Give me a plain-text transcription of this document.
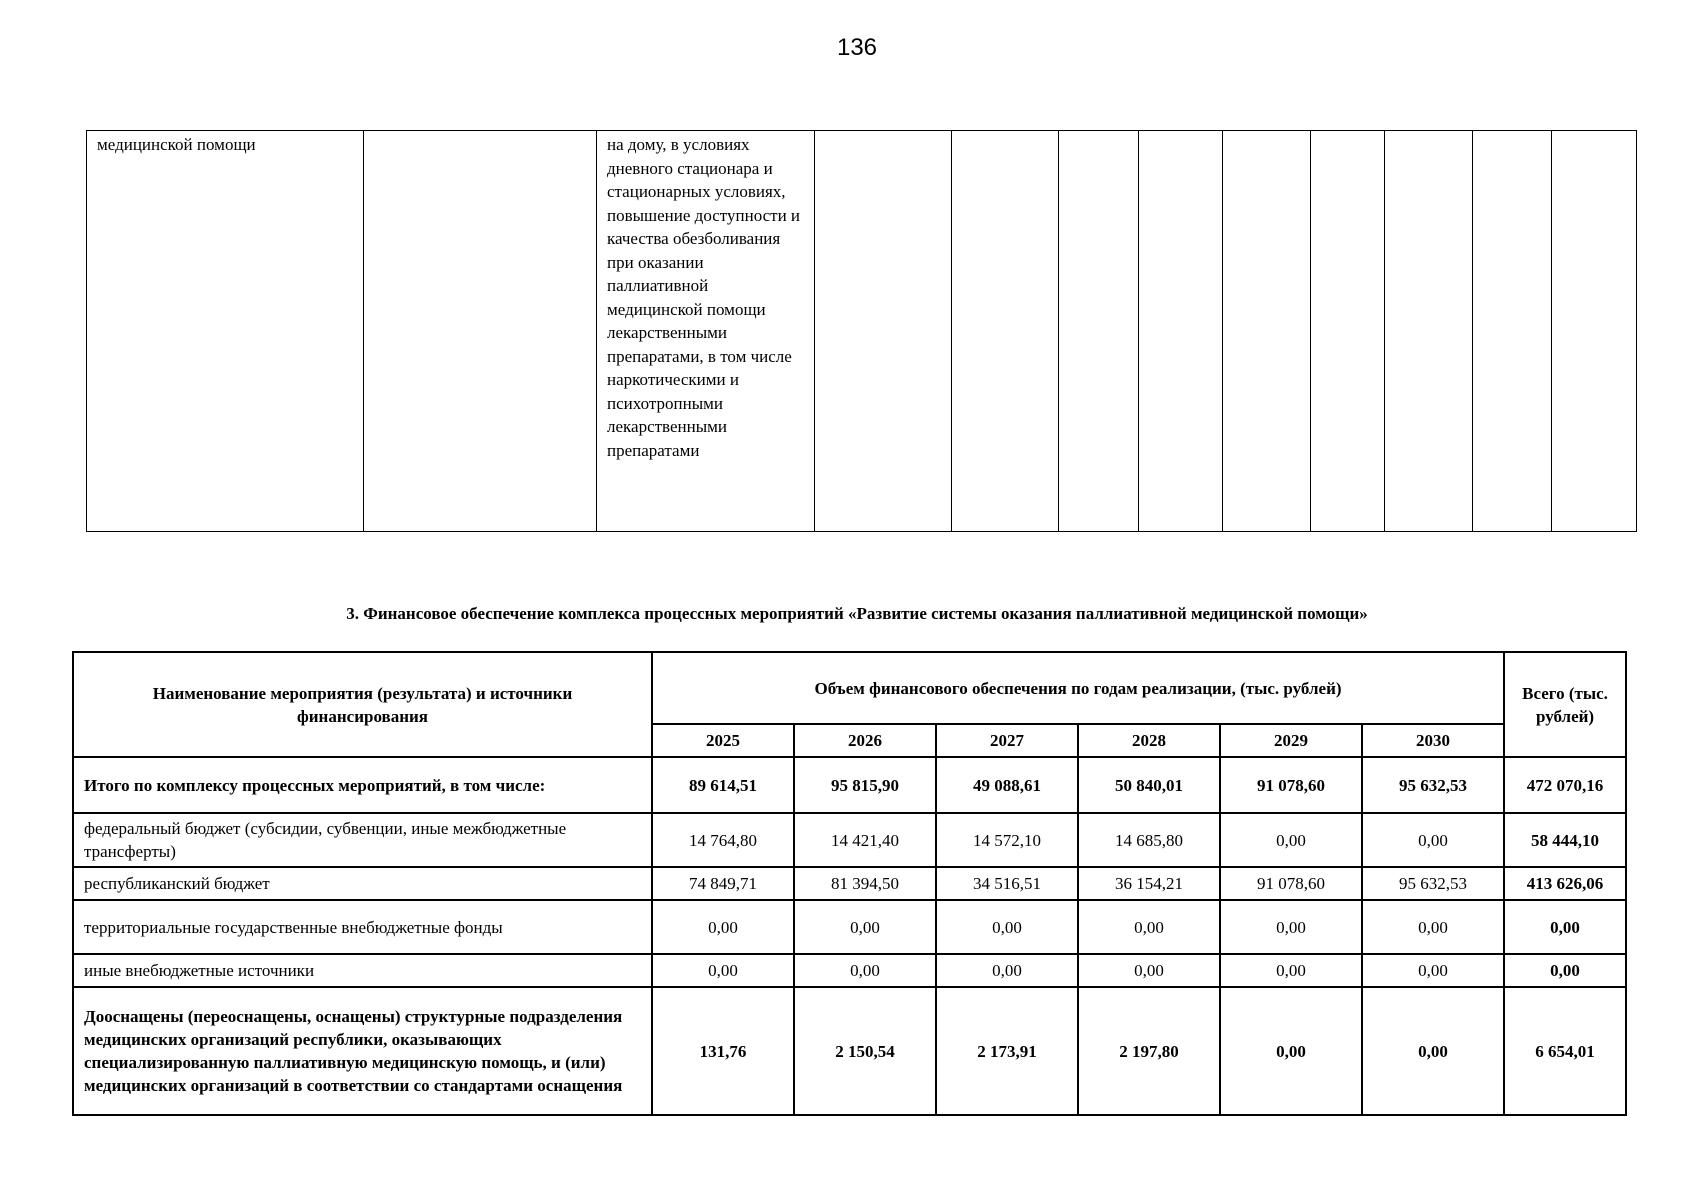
136
медицинской помощи		на дому, в условиях дневного стационара и стационарных условиях, повышение доступности и качества обезболивания при оказании паллиативной медицинской помощи лекарственными препаратами, в том числе наркотическими и психотропными лекарственными препаратами									
3. Финансовое обеспечение комплекса процессных мероприятий «Развитие системы оказания паллиативной медицинской помощи»
Наименование мероприятия (результата) и источники финансирования	Объем финансового обеспечения по годам реализации, (тыс. рублей)						Всего (тыс. рублей)
	2025	2026	2027	2028	2029	2030	
Итого по комплексу процессных мероприятий, в том числе:	89 614,51	95 815,90	49 088,61	50 840,01	91 078,60	95 632,53	472 070,16
федеральный бюджет (субсидии, субвенции, иные межбюджетные трансферты)	14 764,80	14 421,40	14 572,10	14 685,80	0,00	0,00	58 444,10
республиканский бюджет	74 849,71	81 394,50	34 516,51	36 154,21	91 078,60	95 632,53	413 626,06
территориальные государственные внебюджетные фонды	0,00	0,00	0,00	0,00	0,00	0,00	0,00
иные внебюджетные источники	0,00	0,00	0,00	0,00	0,00	0,00	0,00
Дооснащены (переоснащены, оснащены) структурные подразделения медицинских организаций республики, оказывающих специализированную паллиативную медицинскую помощь, и (или) медицинских организаций в соответствии со стандартами оснащения	131,76	2 150,54	2 173,91	2 197,80	0,00	0,00	6 654,01
